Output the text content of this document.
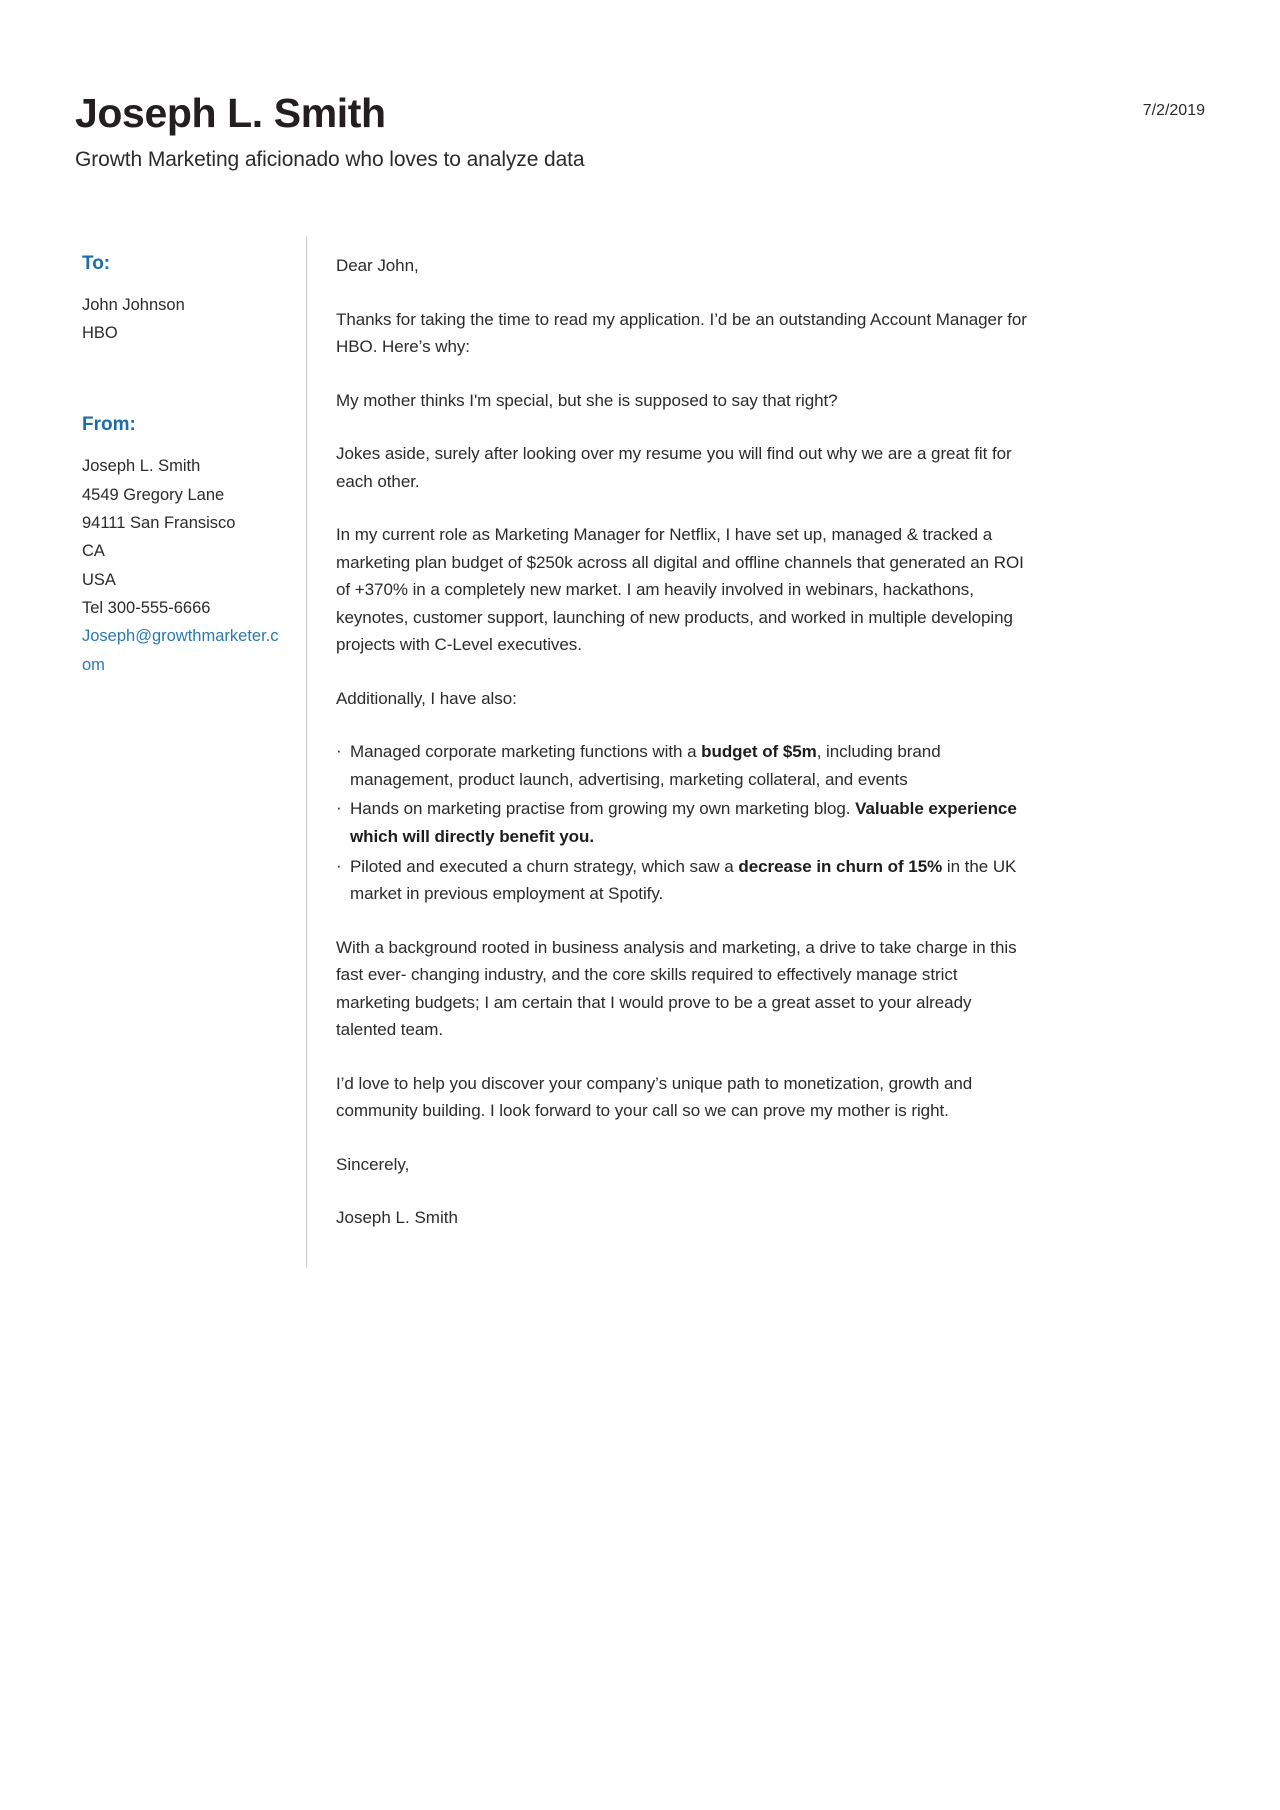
Joseph L. Smith

Growth Marketing aficionado who loves to analyze data

7/2/2019
To:
John Johnson
HBO
From:
Joseph L. Smith
4549 Gregory Lane
94111 San Fransisco
CA
USA
Tel 300-555-6666
Joseph@growthmarketer.com

Dear John,

Thanks for taking the time to read my application. I’d be an outstanding Account Manager for HBO. Here’s why:

My mother thinks I'm special, but she is supposed to say that right?

Jokes aside, surely after looking over my resume you will find out why we are a great fit for each other.

In my current role as Marketing Manager for Netflix, I have set up, managed & tracked a marketing plan budget of $250k across all digital and offline channels that generated an ROI of +370% in a completely new market. I am heavily involved in webinars, hackathons, keynotes, customer support, launching of new products, and worked in multiple developing projects with C-Level executives.

Additionally, I have also:

· Managed corporate marketing functions with a budget of $5m, including brand management, product launch, advertising, marketing collateral, and events
· Hands on marketing practise from growing my own marketing blog. Valuable experience which will directly benefit you.
· Piloted and executed a churn strategy, which saw a decrease in churn of 15% in the UK market in previous employment at Spotify.

With a background rooted in business analysis and marketing, a drive to take charge in this fast ever- changing industry, and the core skills required to effectively manage strict marketing budgets; I am certain that I would prove to be a great asset to your already talented team.

I’d love to help you discover your company’s unique path to monetization, growth and community building. I look forward to your call so we can prove my mother is right.

Sincerely,

Joseph L. Smith
